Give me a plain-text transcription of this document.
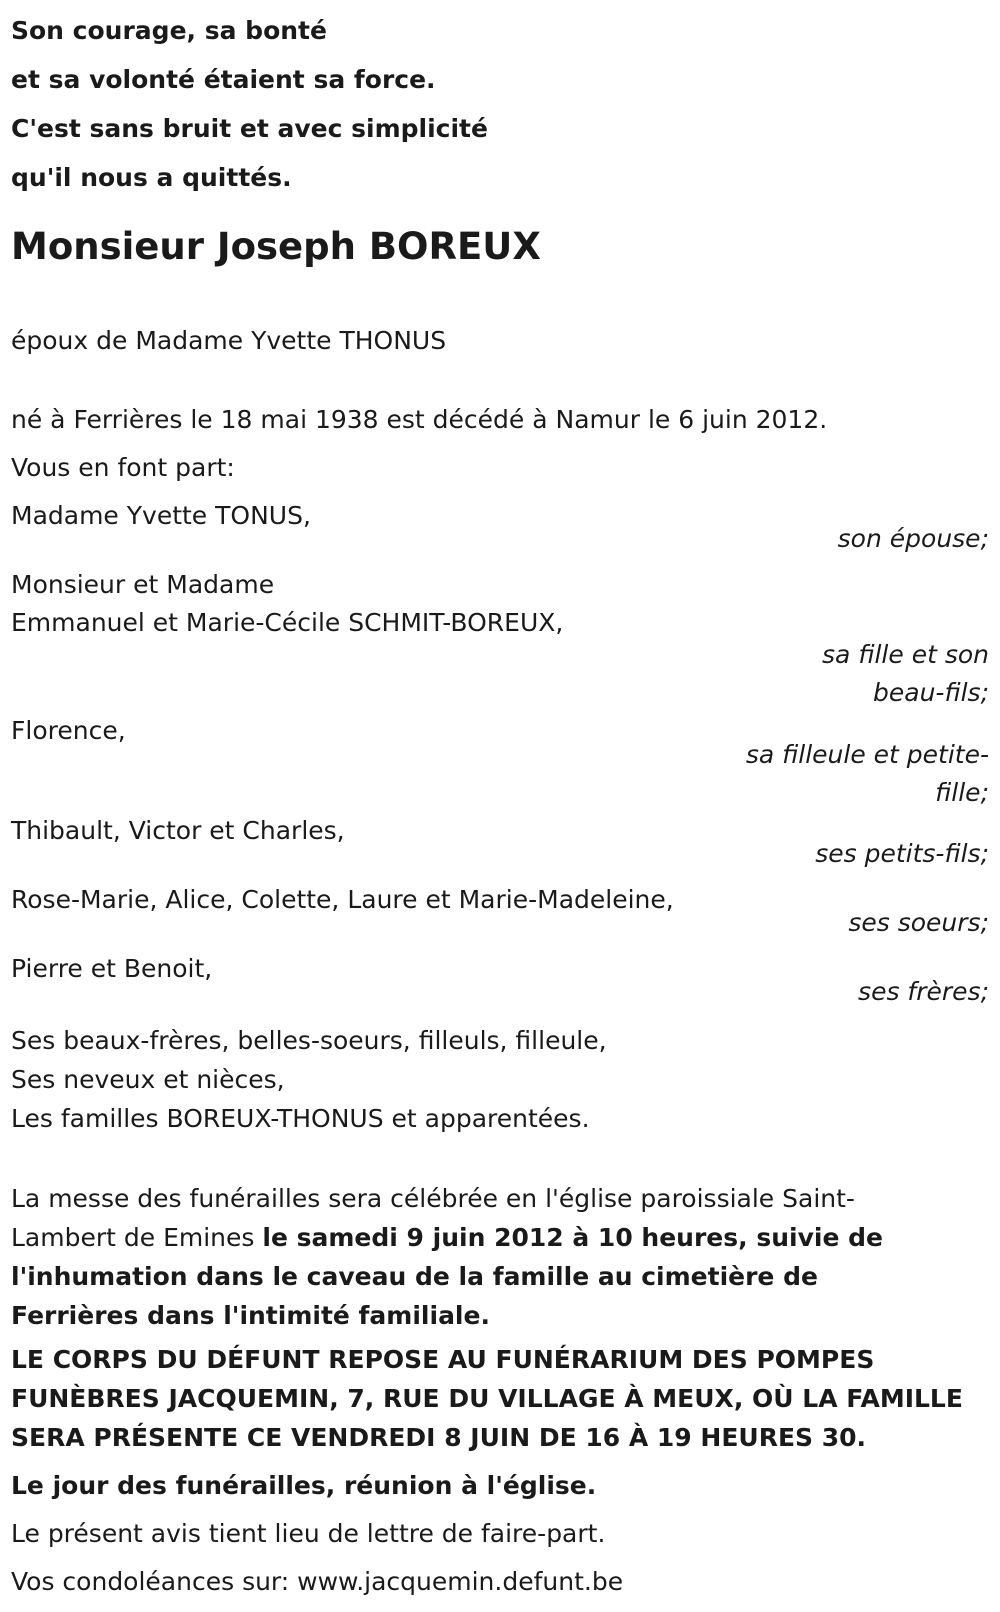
Son courage, sa bonté
et sa volonté étaient sa force.
C'est sans bruit et avec simplicité
qu'il nous a quittés.

Monsieur Joseph BOREUX

époux de Madame Yvette THONUS

né à Ferrières le 18 mai 1938 est décédé à Namur le 6 juin 2012.

Vous en font part:

Madame Yvette TONUS,
son épouse;
Monsieur et Madame
Emmanuel et Marie-Cécile SCHMIT-BOREUX,
sa fille et son
beau-fils;
Florence,
sa filleule et petite-
fille;
Thibault, Victor et Charles,
ses petits-fils;
Rose-Marie, Alice, Colette, Laure et Marie-Madeleine,
ses soeurs;
Pierre et Benoit,
ses frères;

Ses beaux-frères, belles-soeurs, filleuls, filleule,
Ses neveux et nièces,
Les familles BOREUX-THONUS et apparentées.

La messe des funérailles sera célébrée en l'église paroissiale Saint-Lambert de Emines le samedi 9 juin 2012 à 10 heures, suivie de l'inhumation dans le caveau de la famille au cimetière de Ferrières dans l'intimité familiale.

LE CORPS DU DÉFUNT REPOSE AU FUNÉRARIUM DES POMPES FUNÈBRES JACQUEMIN, 7, RUE DU VILLAGE À MEUX, OÙ LA FAMILLE SERA PRÉSENTE CE VENDREDI 8 JUIN DE 16 À 19 HEURES 30.

Le jour des funérailles, réunion à l'église.

Le présent avis tient lieu de lettre de faire-part.

Vos condoléances sur: www.jacquemin.defunt.be
